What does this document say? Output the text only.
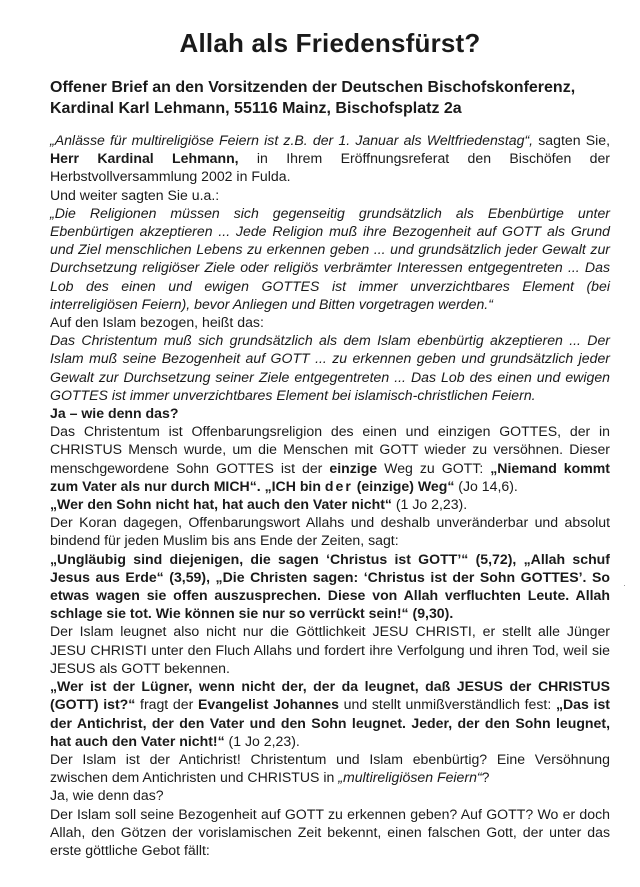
Allah als Friedensfürst?
Offener Brief an den Vorsitzenden der Deutschen Bischofskonferenz,
Kardinal Karl Lehmann, 55116 Mainz, Bischofsplatz 2a

„Anlässe für multireligiöse Feiern ist z.B. der 1. Januar als Weltfriedenstag“, sagten Sie, Herr Kardinal Lehmann, in Ihrem Eröffnungsreferat den Bischöfen der Herbstvollversammlung 2002 in Fulda.

Und weiter sagten Sie u.a.:

„Die Religionen müssen sich gegenseitig grundsätzlich als Ebenbürtige unter Ebenbürtigen akzeptieren ... Jede Religion muß ihre Bezogenheit auf GOTT als Grund und Ziel menschlichen Lebens zu erkennen geben ... und grundsätzlich jeder Gewalt zur Durchsetzung religiöser Ziele oder religiös verbrämter Interessen entgegentreten ... Das Lob des einen und ewigen GOTTES ist immer unverzichtbares Element (bei interreligiösen Feiern), bevor Anliegen und Bitten vorgetragen werden.“

Auf den Islam bezogen, heißt das:

Das Christentum muß sich grundsätzlich als dem Islam ebenbürtig akzeptieren ... Der Islam muß seine Bezogenheit auf GOTT ... zu erkennen geben und grundsätzlich jeder Gewalt zur Durchsetzung seiner Ziele entgegentreten ... Das Lob des einen und ewigen GOTTES ist immer unverzichtbares Element bei islamisch-christlichen Feiern.

Ja – wie denn das?

Das Christentum ist Offenbarungsreligion des einen und einzigen GOTTES, der in CHRISTUS Mensch wurde, um die Menschen mit GOTT wieder zu versöhnen. Dieser menschgewordene Sohn GOTTES ist der einzige Weg zu GOTT: „Niemand kommt zum Vater als nur durch MICH“. „ICH bin der (einzige) Weg“ (Jo 14,6).

„Wer den Sohn nicht hat, hat auch den Vater nicht“ (1 Jo 2,23).

Der Koran dagegen, Offenbarungswort Allahs und deshalb unveränderbar und absolut bindend für jeden Muslim bis ans Ende der Zeiten, sagt:

„Ungläubig sind diejenigen, die sagen ‘Christus ist GOTT’“ (5,72), „Allah schuf Jesus aus Erde“ (3,59), „Die Christen sagen: ‘Christus ist der Sohn GOTTES’. So etwas wagen sie offen auszusprechen. Diese von Allah verfluchten Leute. Allah schlage sie tot. Wie können sie nur so verrückt sein!“ (9,30).

Der Islam leugnet also nicht nur die Göttlichkeit JESU CHRISTI, er stellt alle Jünger JESU CHRISTI unter den Fluch Allahs und fordert ihre Verfolgung und ihren Tod, weil sie JESUS als GOTT bekennen.

„Wer ist der Lügner, wenn nicht der, der da leugnet, daß JESUS der CHRISTUS (GOTT) ist?“ fragt der Evangelist Johannes und stellt unmißverständlich fest: „Das ist der Antichrist, der den Vater und den Sohn leugnet. Jeder, der den Sohn leugnet, hat auch den Vater nicht!“ (1 Jo 2,23).

Der Islam ist der Antichrist! Christentum und Islam ebenbürtig? Eine Versöhnung zwischen dem Antichristen und CHRISTUS in „multireligiösen Feiern“?

Ja, wie denn das?

Der Islam soll seine Bezogenheit auf GOTT zu erkennen geben? Auf GOTT? Wo er doch Allah, den Götzen der vorislamischen Zeit bekennt, einen falschen Gott, der unter das erste göttliche Gebot fällt:

·
